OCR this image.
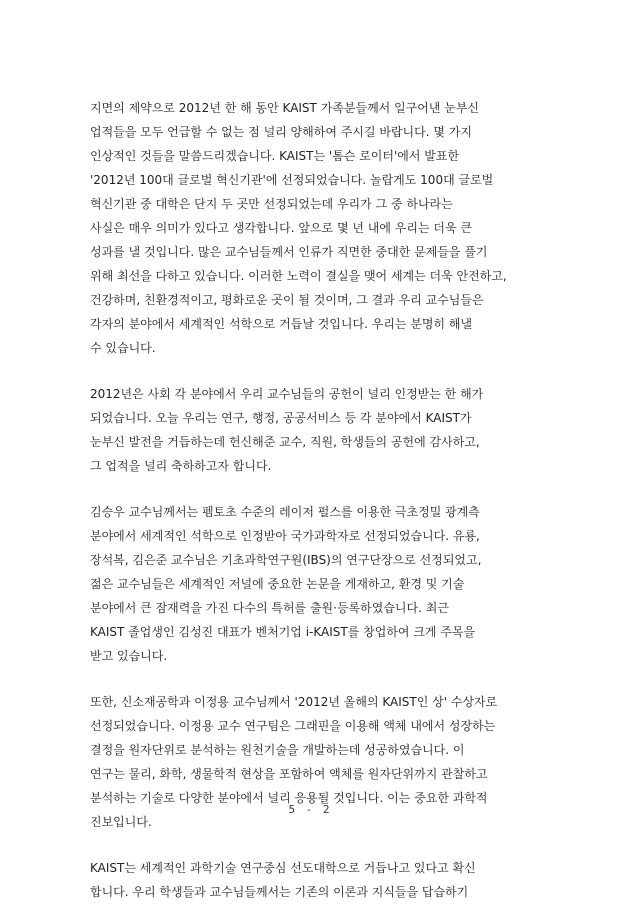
지면의 제약으로 2012년 한 해 동안 KAIST 가족분들께서 일구어낸 눈부신
업적들을 모두 언급할 수 없는 점 널리 양해하여 주시길 바랍니다. 몇 가지
인상적인 것들을 말씀드리겠습니다. KAIST는 '톰슨 로이터'에서 발표한
'2012년 100대 글로벌 혁신기관'에 선정되었습니다. 놀랍게도 100대 글로벌
혁신기관 중 대학은 단지 두 곳만 선정되었는데 우리가 그 중 하나라는
사실은 매우 의미가 있다고 생각합니다. 앞으로 몇 년 내에 우리는 더욱 큰
성과를 낼 것입니다. 많은 교수님들께서 인류가 직면한 중대한 문제들을 풀기
위해 최선을 다하고 있습니다. 이러한 노력이 결실을 맺어 세계는 더욱 안전하고,
건강하며, 친환경적이고, 평화로운 곳이 될 것이며, 그 결과 우리 교수님들은
각자의 분야에서 세계적인 석학으로 거듭날 것입니다. 우리는 분명히 해낼
수 있습니다.
2012년은 사회 각 분야에서 우리 교수님들의 공헌이 널리 인정받는 한 해가
되었습니다. 오늘 우리는 연구, 행정, 공공서비스 등 각 분야에서 KAIST가
눈부신 발전을 거듭하는데 헌신해준 교수, 직원, 학생들의 공헌에 감사하고,
그 업적을 널리 축하하고자 합니다.
김승우 교수님께서는 펨토초 수준의 레이저 펄스를 이용한 극초정밀 광계측
분야에서 세계적인 석학으로 인정받아 국가과학자로 선정되었습니다. 유룡,
장석복, 김은준 교수님은 기초과학연구원(IBS)의 연구단장으로 선정되었고,
젊은 교수님들은 세계적인 저널에 중요한 논문을 게재하고, 환경 및 기술
분야에서 큰 잠재력을 가진 다수의 특허를 출원·등록하였습니다. 최근
KAIST 졸업생인 김성진 대표가 벤처기업 i-KAIST를 창업하여 크게 주목을
받고 있습니다.
또한, 신소재공학과 이정용 교수님께서 '2012년 올해의 KAIST인 상' 수상자로
선정되었습니다. 이정용 교수 연구팀은 그래핀을 이용해 액체 내에서 성장하는
결정을 원자단위로 분석하는 원천기술을 개발하는데 성공하였습니다. 이
연구는 물리, 화학, 생물학적 현상을 포함하여 액체를 원자단위까지 관찰하고
분석하는 기술로 다양한 분야에서 널리 응용될 것입니다. 이는 중요한 과학적
진보입니다.
KAIST는 세계적인 과학기술 연구중심 선도대학으로 거듭나고 있다고 확신
합니다. 우리 학생들과 교수님들께서는 기존의 이론과 지식들을 답습하기
5 - 2
